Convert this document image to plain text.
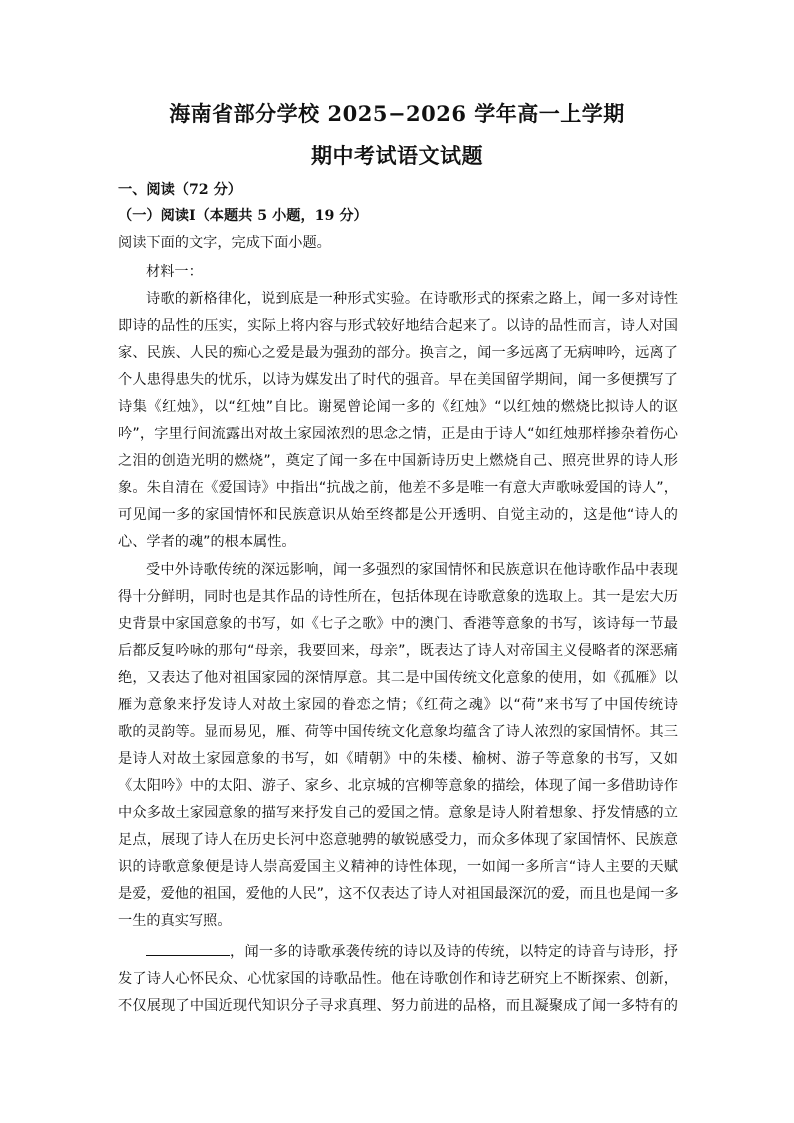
海南省部分学校 2025−2026 学年高一上学期
期中考试语文试题
一、阅读（72 分）
（一）阅读Ⅰ（本题共 5 小题，19 分）
阅读下面的文字，完成下面小题。
材料一：
诗歌的新格律化，说到底是一种形式实验。在诗歌形式的探索之路上，闻一多对诗性
即诗的品性的压实，实际上将内容与形式较好地结合起来了。以诗的品性而言，诗人对国
家、民族、人民的痴心之爱是最为强劲的部分。换言之，闻一多远离了无病呻吟，远离了
个人患得患失的忧乐，以诗为媒发出了时代的强音。早在美国留学期间，闻一多便撰写了
诗集《红烛》，以“红烛”自比。谢冕曾论闻一多的《红烛》“以红烛的燃烧比拟诗人的讴
吟”，字里行间流露出对故土家园浓烈的思念之情，正是由于诗人“如红烛那样掺杂着伤心
之泪的创造光明的燃烧”，奠定了闻一多在中国新诗历史上燃烧自己、照亮世界的诗人形
象。朱自清在《爱国诗》中指出“抗战之前，他差不多是唯一有意大声歌咏爱国的诗人”，
可见闻一多的家国情怀和民族意识从始至终都是公开透明、自觉主动的，这是他“诗人的
心、学者的魂”的根本属性。
受中外诗歌传统的深远影响，闻一多强烈的家国情怀和民族意识在他诗歌作品中表现
得十分鲜明，同时也是其作品的诗性所在，包括体现在诗歌意象的选取上。其一是宏大历
史背景中家国意象的书写，如《七子之歌》中的澳门、香港等意象的书写，该诗每一节最
后都反复吟咏的那句“母亲，我要回来，母亲”，既表达了诗人对帝国主义侵略者的深恶痛
绝，又表达了他对祖国家园的深情厚意。其二是中国传统文化意象的使用，如《孤雁》以
雁为意象来抒发诗人对故土家园的眷恋之情；《红荷之魂》以“荷”来书写了中国传统诗
歌的灵韵等。显而易见，雁、荷等中国传统文化意象均蕴含了诗人浓烈的家国情怀。其三
是诗人对故土家园意象的书写，如《晴朝》中的朱楼、榆树、游子等意象的书写，又如
《太阳吟》中的太阳、游子、家乡、北京城的宫柳等意象的描绘，体现了闻一多借助诗作
中众多故土家园意象的描写来抒发自己的爱国之情。意象是诗人附着想象、抒发情感的立
足点，展现了诗人在历史长河中恣意驰骋的敏锐感受力，而众多体现了家国情怀、民族意
识的诗歌意象便是诗人崇高爱国主义精神的诗性体现，一如闻一多所言“诗人主要的天赋
是爱，爱他的祖国，爱他的人民”，这不仅表达了诗人对祖国最深沉的爱，而且也是闻一多
一生的真实写照。
，闻一多的诗歌承袭传统的诗以及诗的传统，以特定的诗音与诗形，抒
发了诗人心怀民众、心忧家国的诗歌品性。他在诗歌创作和诗艺研究上不断探索、创新，
不仅展现了中国近现代知识分子寻求真理、努力前进的品格，而且凝聚成了闻一多特有的
